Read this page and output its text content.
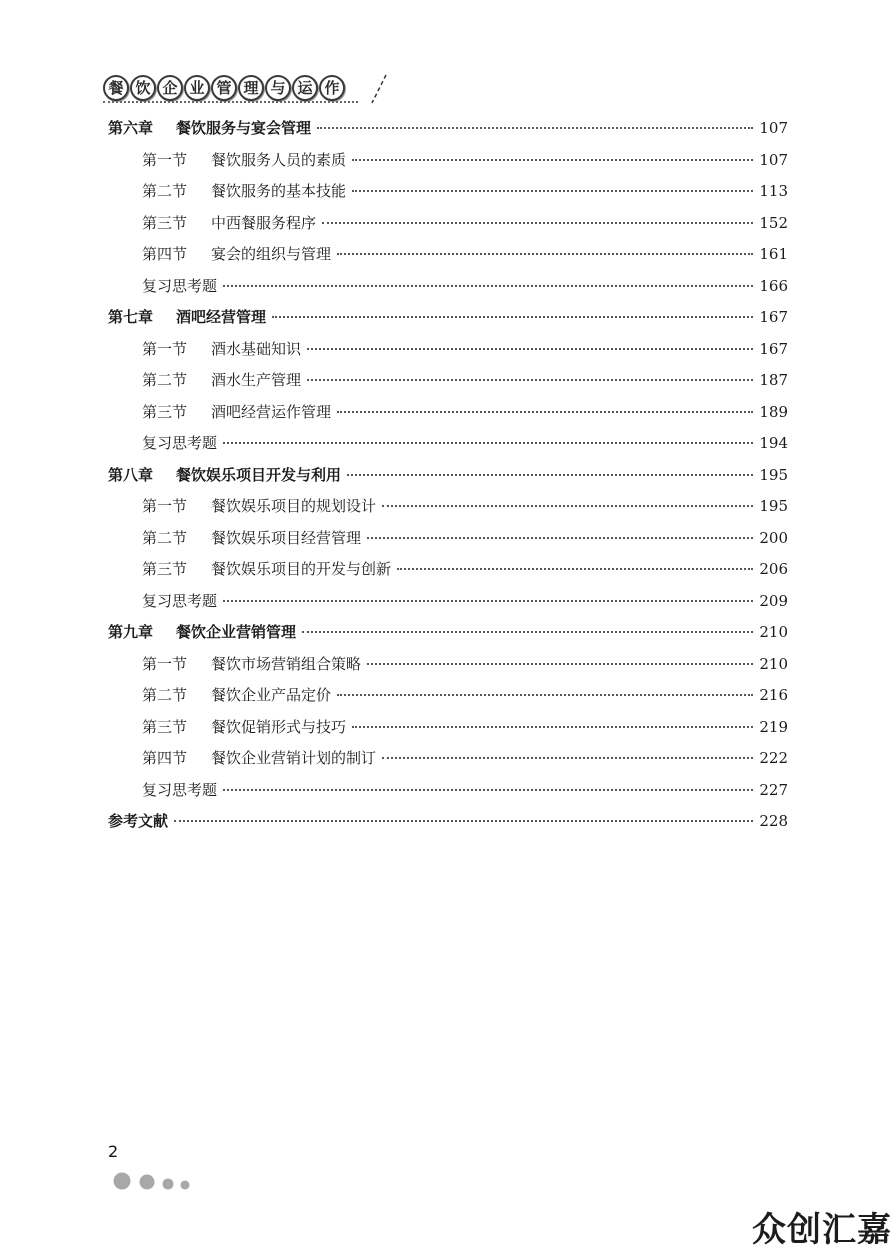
餐 饮 企 业 管 理 与 运 作
第六章	餐饮服务与宴会管理	107
第一节	餐饮服务人员的素质	107
第二节	餐饮服务的基本技能	113
第三节	中西餐服务程序	152
第四节	宴会的组织与管理	161
复习思考题	166
第七章	酒吧经营管理	167
第一节	酒水基础知识	167
第二节	酒水生产管理	187
第三节	酒吧经营运作管理	189
复习思考题	194
第八章	餐饮娱乐项目开发与利用	195
第一节	餐饮娱乐项目的规划设计	195
第二节	餐饮娱乐项目经营管理	200
第三节	餐饮娱乐项目的开发与创新	206
复习思考题	209
第九章	餐饮企业营销管理	210
第一节	餐饮市场营销组合策略	210
第二节	餐饮企业产品定价	216
第三节	餐饮促销形式与技巧	219
第四节	餐饮企业营销计划的制订	222
复习思考题	227
参考文献	228
2
众创汇嘉
